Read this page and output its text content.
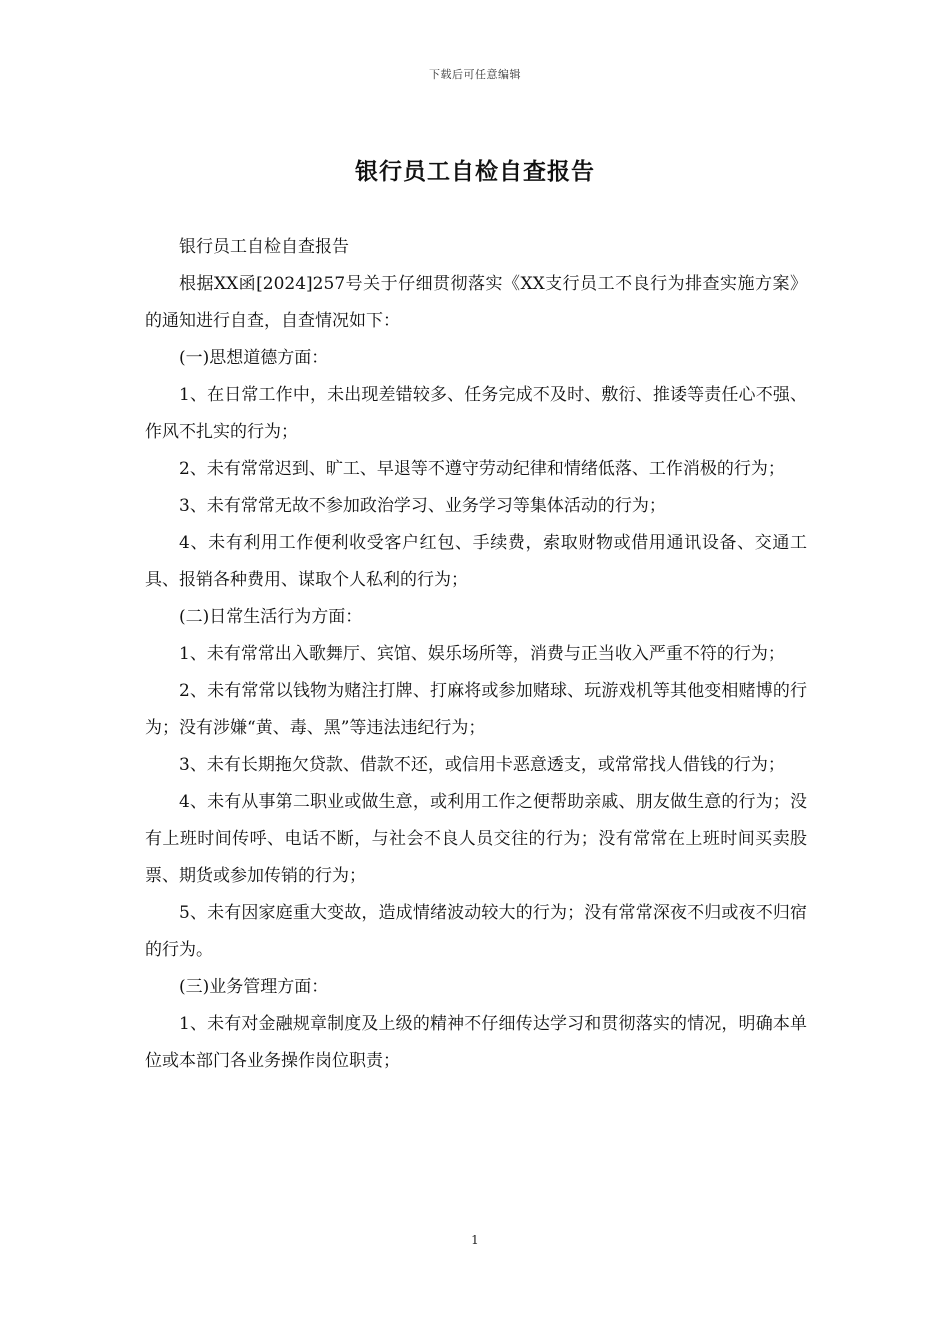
下载后可任意编辑
银行员工自检自查报告

银行员工自检自查报告

根据XX函[2024]257号关于仔细贯彻落实《XX支行员工不良行为排查实施方案》的通知进行自查，自查情况如下：

(一)思想道德方面：

1、在日常工作中，未出现差错较多、任务完成不及时、敷衍、推诿等责任心不强、作风不扎实的行为；

2、未有常常迟到、旷工、早退等不遵守劳动纪律和情绪低落、工作消极的行为；

3、未有常常无故不参加政治学习、业务学习等集体活动的行为；

4、未有利用工作便利收受客户红包、手续费，索取财物或借用通讯设备、交通工具、报销各种费用、谋取个人私利的行为；

(二)日常生活行为方面：

1、未有常常出入歌舞厅、宾馆、娱乐场所等，消费与正当收入严重不符的行为；

2、未有常常以钱物为赌注打牌、打麻将或参加赌球、玩游戏机等其他变相赌博的行为；没有涉嫌“黄、毒、黑”等违法违纪行为；

3、未有长期拖欠贷款、借款不还，或信用卡恶意透支，或常常找人借钱的行为；

4、未有从事第二职业或做生意，或利用工作之便帮助亲戚、朋友做生意的行为；没有上班时间传呼、电话不断，与社会不良人员交往的行为；没有常常在上班时间买卖股票、期货或参加传销的行为；

5、未有因家庭重大变故，造成情绪波动较大的行为；没有常常深夜不归或夜不归宿的行为。

(三)业务管理方面：

1、未有对金融规章制度及上级的精神不仔细传达学习和贯彻落实的情况，明确本单位或本部门各业务操作岗位职责；

1
